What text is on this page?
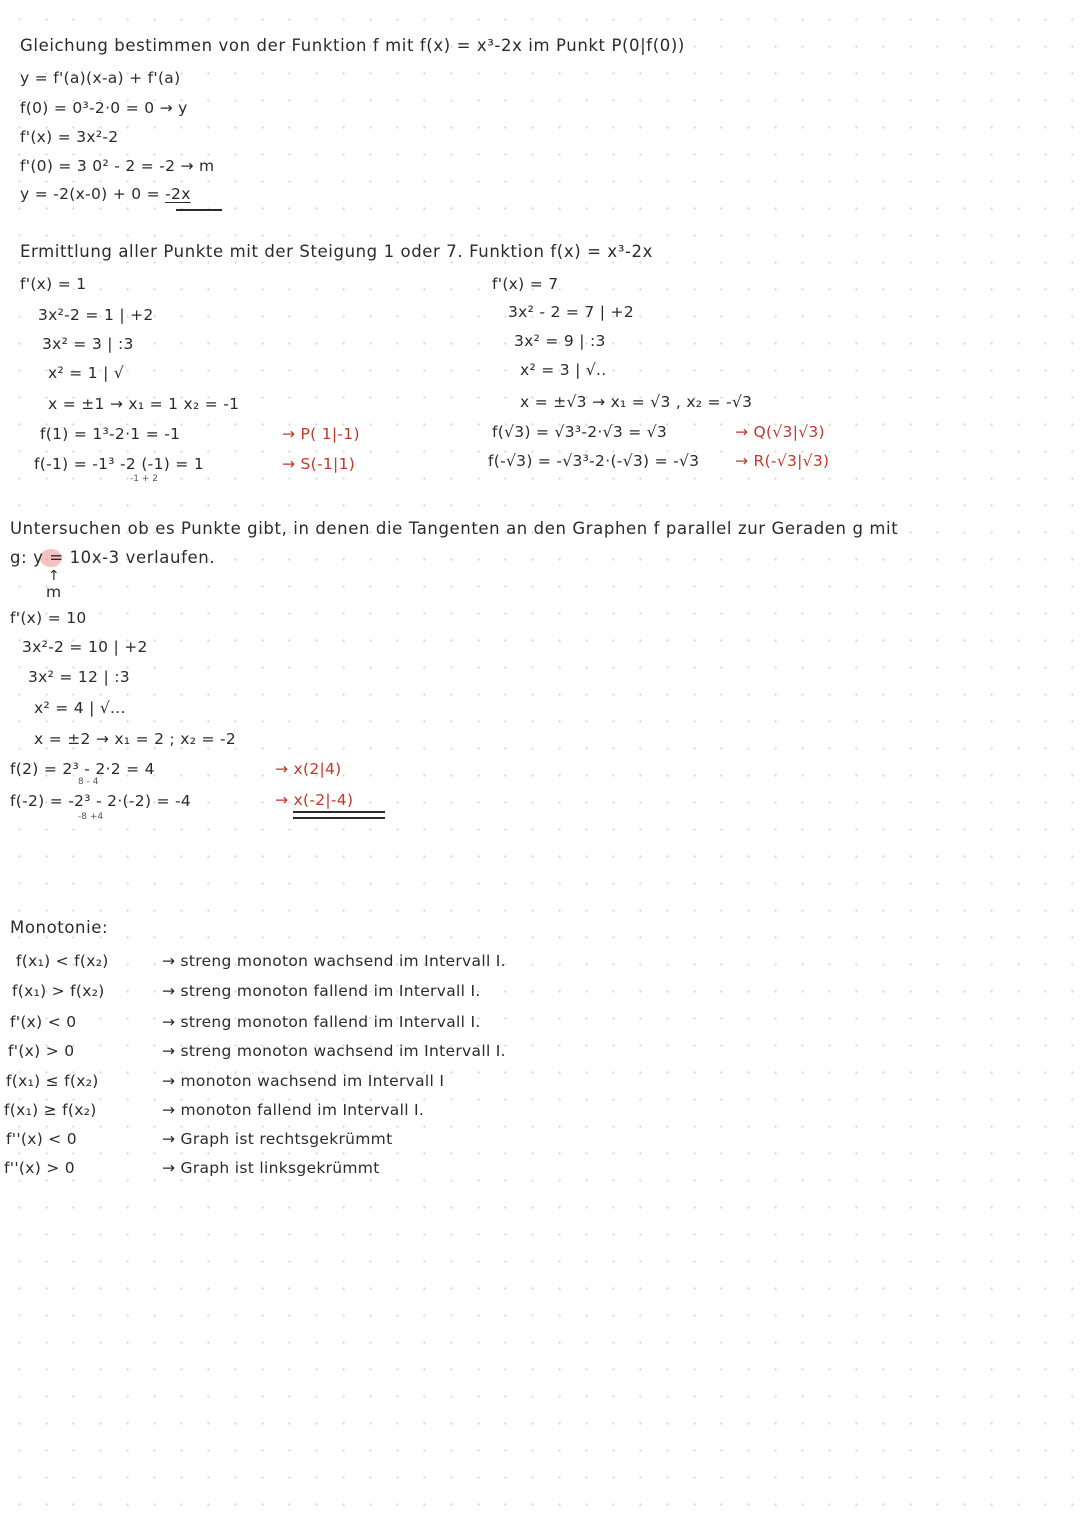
Gleichung bestimmen von der Funktion f mit f(x) = x³-2x im Punkt P(0|f(0))
y = f'(a)(x-a) + f'(a)
f(0) = 0³-2·0 = 0 → y
f'(x) = 3x²-2
f'(0) = 3 0² - 2 = -2 → m
y = -2(x-0) + 0 = -2x
Ermittlung aller Punkte mit der Steigung 1 oder 7. Funktion f(x) = x³-2x
f'(x) = 1
3x²-2 = 1 | +2
3x² = 3 | :3
x² = 1 | √
x = ±1 → x₁ = 1 x₂ = -1
f(1) = 1³-2·1 = -1
f(-1) = -1³ -2 (-1) = 1
-1 + 2
→ P( 1|-1)
→ S(-1|1)
f'(x) = 7
3x² - 2 = 7 | +2
3x² = 9 | :3
x² = 3 | √..
x = ±√3 → x₁ = √3 , x₂ = -√3
f(√3) = √3³-2·√3 = √3
f(-√3) = -√3³-2·(-√3) = -√3
→ Q(√3|√3)
→ R(-√3|√3)
Untersuchen ob es Punkte gibt, in denen die Tangenten an den Graphen f parallel zur Geraden g mit
g: y = 10x-3 verlaufen.
↑
m
f'(x) = 10
3x²-2 = 10 | +2
3x² = 12 | :3
x² = 4 | √...
x = ±2 → x₁ = 2 ; x₂ = -2
f(2) = 2³ - 2·2 = 4
8 - 4
f(-2) = -2³ - 2·(-2) = -4
-8 +4
→ x(2|4)
→ x(-2|-4)
Monotonie:
f(x₁) < f(x₂)	→ streng monoton wachsend im Intervall I.
f(x₁) > f(x₂)	→ streng monoton fallend im Intervall I.
f'(x) < 0	→ streng monoton fallend im Intervall I.
f'(x) > 0	→ streng monoton wachsend im Intervall I.
f(x₁) ≤ f(x₂)	→ monoton wachsend im Intervall I
f(x₁) ≥ f(x₂)	→ monoton fallend im Intervall I.
f''(x) < 0	→ Graph ist rechtsgekrümmt
f''(x) > 0	→ Graph ist linksgekrümmt
